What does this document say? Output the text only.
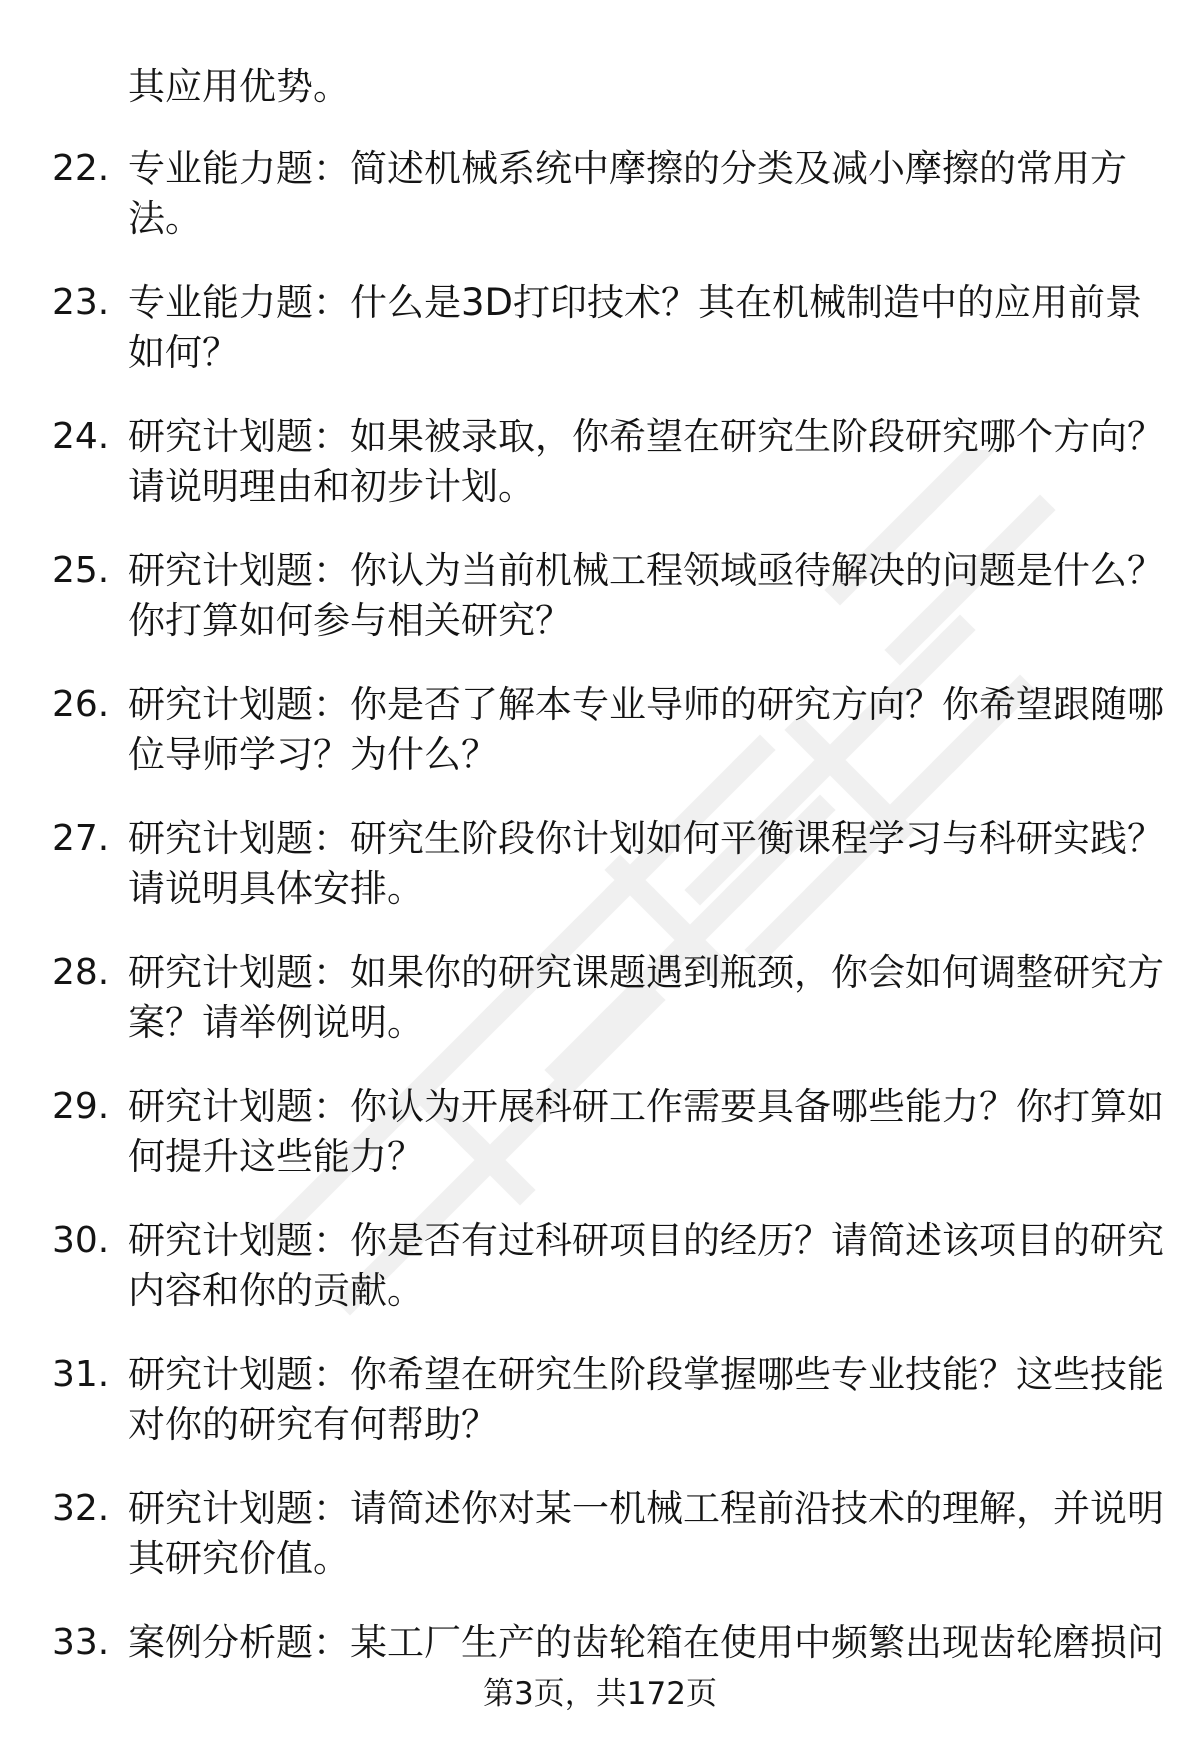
其应用优势。

22. 专业能力题：简述机械系统中摩擦的分类及减小摩擦的常用方法。

23. 专业能力题：什么是3D打印技术？其在机械制造中的应用前景如何？

24. 研究计划题：如果被录取，你希望在研究生阶段研究哪个方向？请说明理由和初步计划。

25. 研究计划题：你认为当前机械工程领域亟待解决的问题是什么？你打算如何参与相关研究？

26. 研究计划题：你是否了解本专业导师的研究方向？你希望跟随哪位导师学习？为什么？

27. 研究计划题：研究生阶段你计划如何平衡课程学习与科研实践？请说明具体安排。

28. 研究计划题：如果你的研究课题遇到瓶颈，你会如何调整研究方案？请举例说明。

29. 研究计划题：你认为开展科研工作需要具备哪些能力？你打算如何提升这些能力？

30. 研究计划题：你是否有过科研项目的经历？请简述该项目的研究内容和你的贡献。

31. 研究计划题：你希望在研究生阶段掌握哪些专业技能？这些技能对你的研究有何帮助？

32. 研究计划题：请简述你对某一机械工程前沿技术的理解，并说明其研究价值。

33. 案例分析题：某工厂生产的齿轮箱在使用中频繁出现齿轮磨损问

第3页，共172页
